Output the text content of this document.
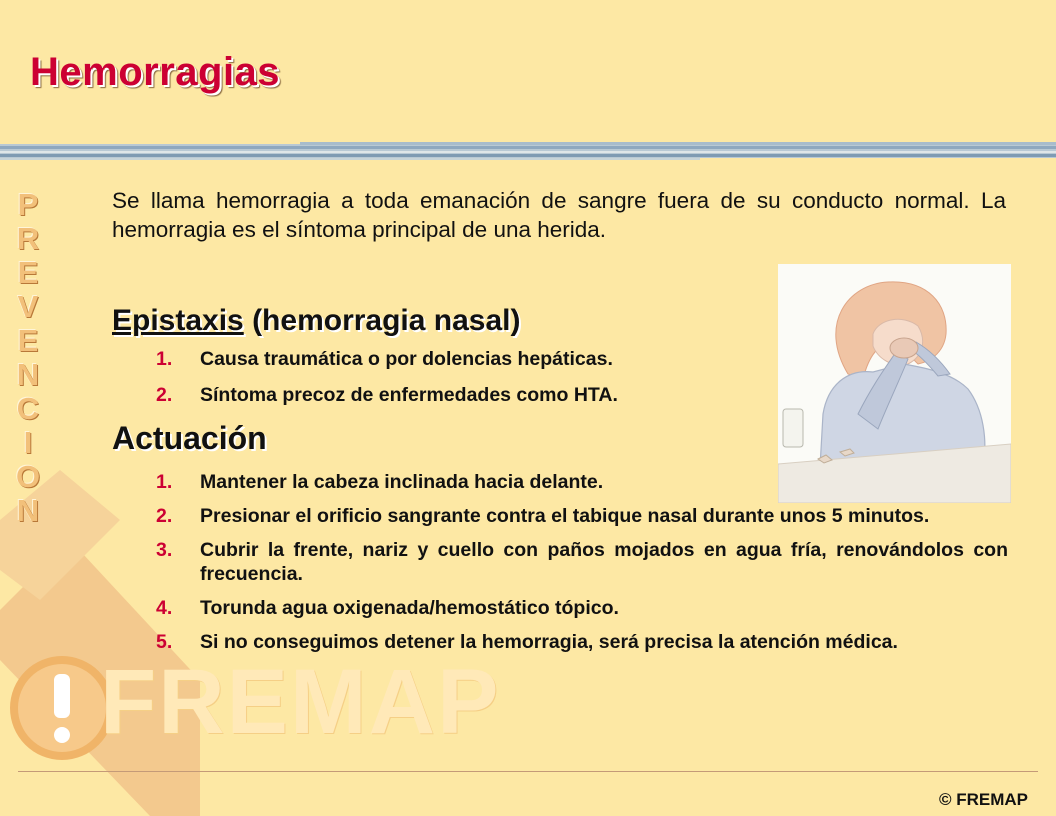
FREMAP
Hemorragias
P
R
E
V
E
N
C
I
O
N

Se llama hemorragia a toda emanación de sangre fuera de su conducto normal. La hemorragia es el síntoma principal de una herida.

Epistaxis (hemorragia nasal)
1. Causa traumática o por dolencias hepáticas.
2. Síntoma precoz de enfermedades como HTA.
Actuación
1. Mantener la cabeza inclinada hacia delante.
2. Presionar el orificio sangrante contra el tabique nasal durante unos 5 minutos.
3. Cubrir la frente, nariz y cuello con paños mojados en agua fría, renovándolos con frecuencia.
4. Torunda agua oxigenada/hemostático tópico.
5. Si no conseguimos detener la hemorragia, será precisa la atención médica.
© FREMAP
